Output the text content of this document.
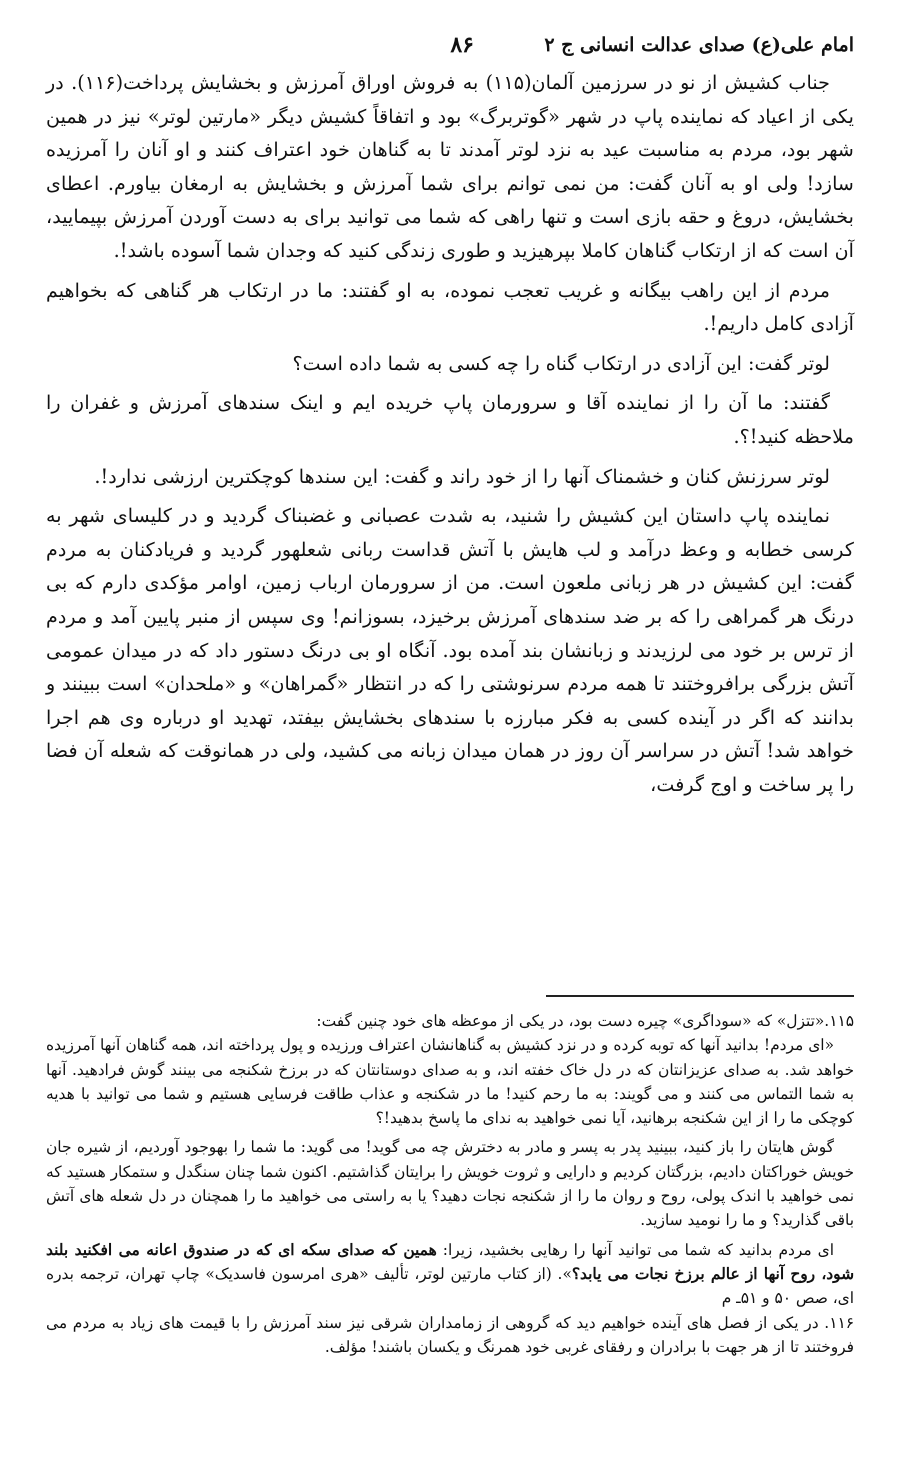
امام علی(ع) صدای عدالت انسانی ج ۲
۸۶

جناب کشیش از نو در سرزمین آلمان(۱۱۵) به فروش اوراق آمرزش و بخشایش پرداخت(۱۱۶). در یکی از اعیاد که نماینده پاپ در شهر «گوتربرگ» بود و اتفاقاً کشیش دیگر «مارتین لوتر» نیز در همین شهر بود، مردم به مناسبت عید به نزد لوتر آمدند تا به گناهان خود اعتراف کنند و او آنان را آمرزیده سازد! ولی او به آنان گفت: من نمی توانم برای شما آمرزش و بخشایش به ارمغان بیاورم. اعطای بخشایش، دروغ و حقه بازی است و تنها راهی که شما می توانید برای به دست آوردن آمرزش بپیمایید، آن است که از ارتکاب گناهان کاملا بپرهیزید و طوری زندگی کنید که وجدان شما آسوده باشد!.

مردم از این راهب بیگانه و غریب تعجب نموده، به او گفتند: ما در ارتکاب هر گناهی که بخواهیم آزادی کامل داریم!.

لوتر گفت: این آزادی در ارتکاب گناه را چه کسی به شما داده است؟

گفتند: ما آن را از نماینده آقا و سرورمان پاپ خریده ایم و اینک سندهای آمرزش و غفران را ملاحظه کنید!؟.

لوتر سرزنش کنان و خشمناک آنها را از خود راند و گفت: این سندها کوچکترین ارزشی ندارد!.

نماینده پاپ داستان این کشیش را شنید، به شدت عصبانی و غضبناک گردید و در کلیسای شهر به کرسی خطابه و وعظ درآمد و لب هایش با آتش قداست ربانی شعلهور گردید و فریادکنان به مردم گفت: این کشیش در هر زبانی ملعون است. من از سرورمان ارباب زمین، اوامر مؤکدی دارم که بی درنگ هر گمراهی را که بر ضد سندهای آمرزش برخیزد، بسوزانم! وی سپس از منبر پایین آمد و مردم از ترس بر خود می لرزیدند و زبانشان بند آمده بود. آنگاه او بی درنگ دستور داد که در میدان عمومی آتش بزرگی برافروختند تا همه مردم سرنوشتی را که در انتظار «گمراهان» و «ملحدان» است ببینند و بدانند که اگر در آینده کسی به فکر مبارزه با سندهای بخشایش بیفتد، تهدید او درباره وی هم اجرا خواهد شد! آتش در سراسر آن روز در همان میدان زبانه می کشید، ولی در همانوقت که شعله آن فضا را پر ساخت و اوج گرفت،

۱۱۵.«تتزل» که «سوداگری» چیره دست بود، در یکی از موعظه های خود چنین گفت:

«ای مردم! بدانید آنها که توبه کرده و در نزد کشیش به گناهانشان اعتراف ورزیده و پول پرداخته اند، همه گناهان آنها آمرزیده خواهد شد. به صدای عزیزانتان که در دل خاک خفته اند، و به صدای دوستانتان که در برزخ شکنجه می بینند گوش فرادهید. آنها به شما التماس می کنند و می گویند: به ما رحم کنید! ما در شکنجه و عذاب طاقت فرسایی هستیم و شما می توانید با هدیه کوچکی ما را از این شکنجه برهانید، آیا نمی خواهید به ندای ما پاسخ بدهید!؟

گوش هایتان را باز کنید، ببینید پدر به پسر و مادر به دخترش چه می گوید! می گوید: ما شما را بهوجود آوردیم، از شیره جان خویش خوراکتان دادیم، بزرگتان کردیم و دارایی و ثروت خویش را برایتان گذاشتیم. اکنون شما چنان سنگدل و ستمکار هستید که نمی خواهید با اندک پولی، روح و روان ما را از شکنجه نجات دهید؟ یا به راستی می خواهید ما را همچنان در دل شعله های آتش باقی گذارید؟ و ما را نومید سازید.

ای مردم بدانید که شما می توانید آنها را رهایی بخشید، زیرا: همین که صدای سکه ای که در صندوق اعانه می افکنید بلند شود، روح آنها از عالم برزخ نجات می یابد؟». (از کتاب مارتین لوتر، تألیف «هری امرسون فاسدیک» چاپ تهران، ترجمه بدره ای، صص ۵۰ و ۵۱ـ م

۱۱۶. در یکی از فصل های آینده خواهیم دید که گروهی از زمامداران شرقی نیز سند آمرزش را با قیمت های زیاد به مردم می فروختند تا از هر جهت با برادران و رفقای غربی خود همرنگ و یکسان باشند! مؤلف.
